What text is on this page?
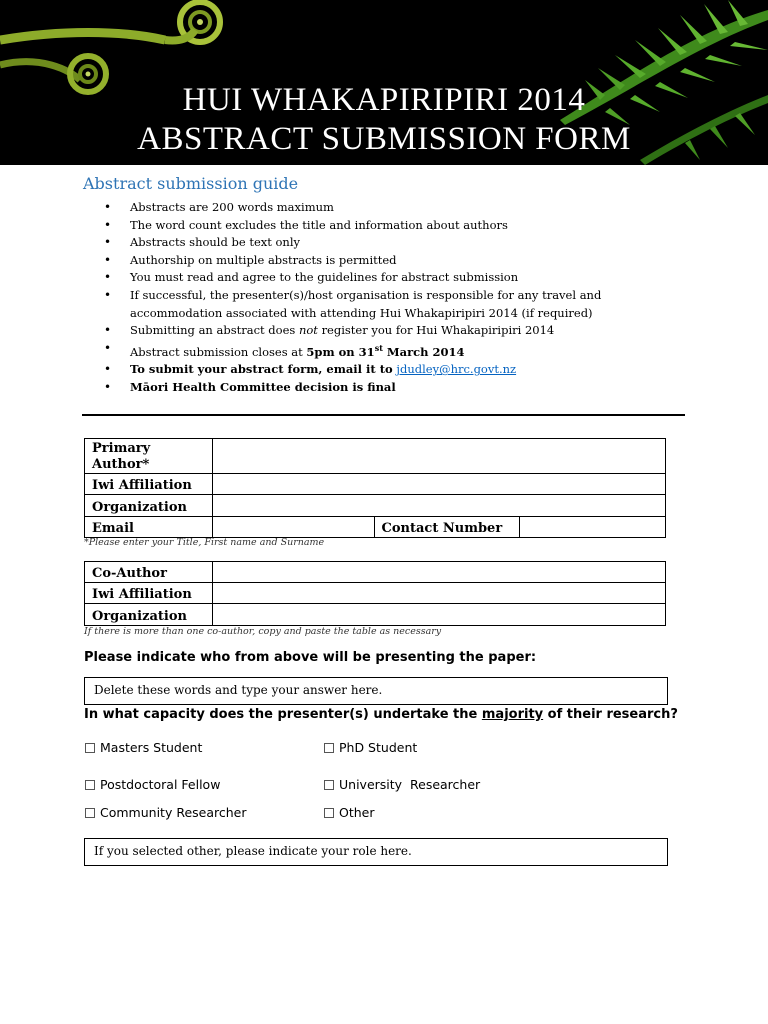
HUI WHAKAPIRIPIRI 2014
ABSTRACT SUBMISSION FORM
Abstract submission guide
• Abstracts are 200 words maximum
• The word count excludes the title and information about authors
• Abstracts should be text only
• Authorship on multiple abstracts is permitted
• You must read and agree to the guidelines for abstract submission
• If successful, the presenter(s)/host organisation is responsible for any travel and
accommodation associated with attending Hui Whakapiripiri 2014 (if required)
• Submitting an abstract does not register you for Hui Whakapiripiri 2014
• Abstract submission closes at 5pm on 31st March 2014
• To submit your abstract form, email it to jdudley@hrc.govt.nz
• Māori Health Committee decision is final
Primary Author*			
Iwi Affiliation			
Organization			
Email		Contact Number	
*Please enter your Title, First name and Surname
Co-Author	
Iwi Affiliation	
Organization	
If there is more than one co-author, copy and paste the table as necessary
Please indicate who from above will be presenting the paper:
Delete these words and type your answer here.
In what capacity does the presenter(s) undertake the majority of their research?
Masters Student	PhD Student
Postdoctoral Fellow	University  Researcher
Community Researcher	Other
If you selected other, please indicate your role here.
